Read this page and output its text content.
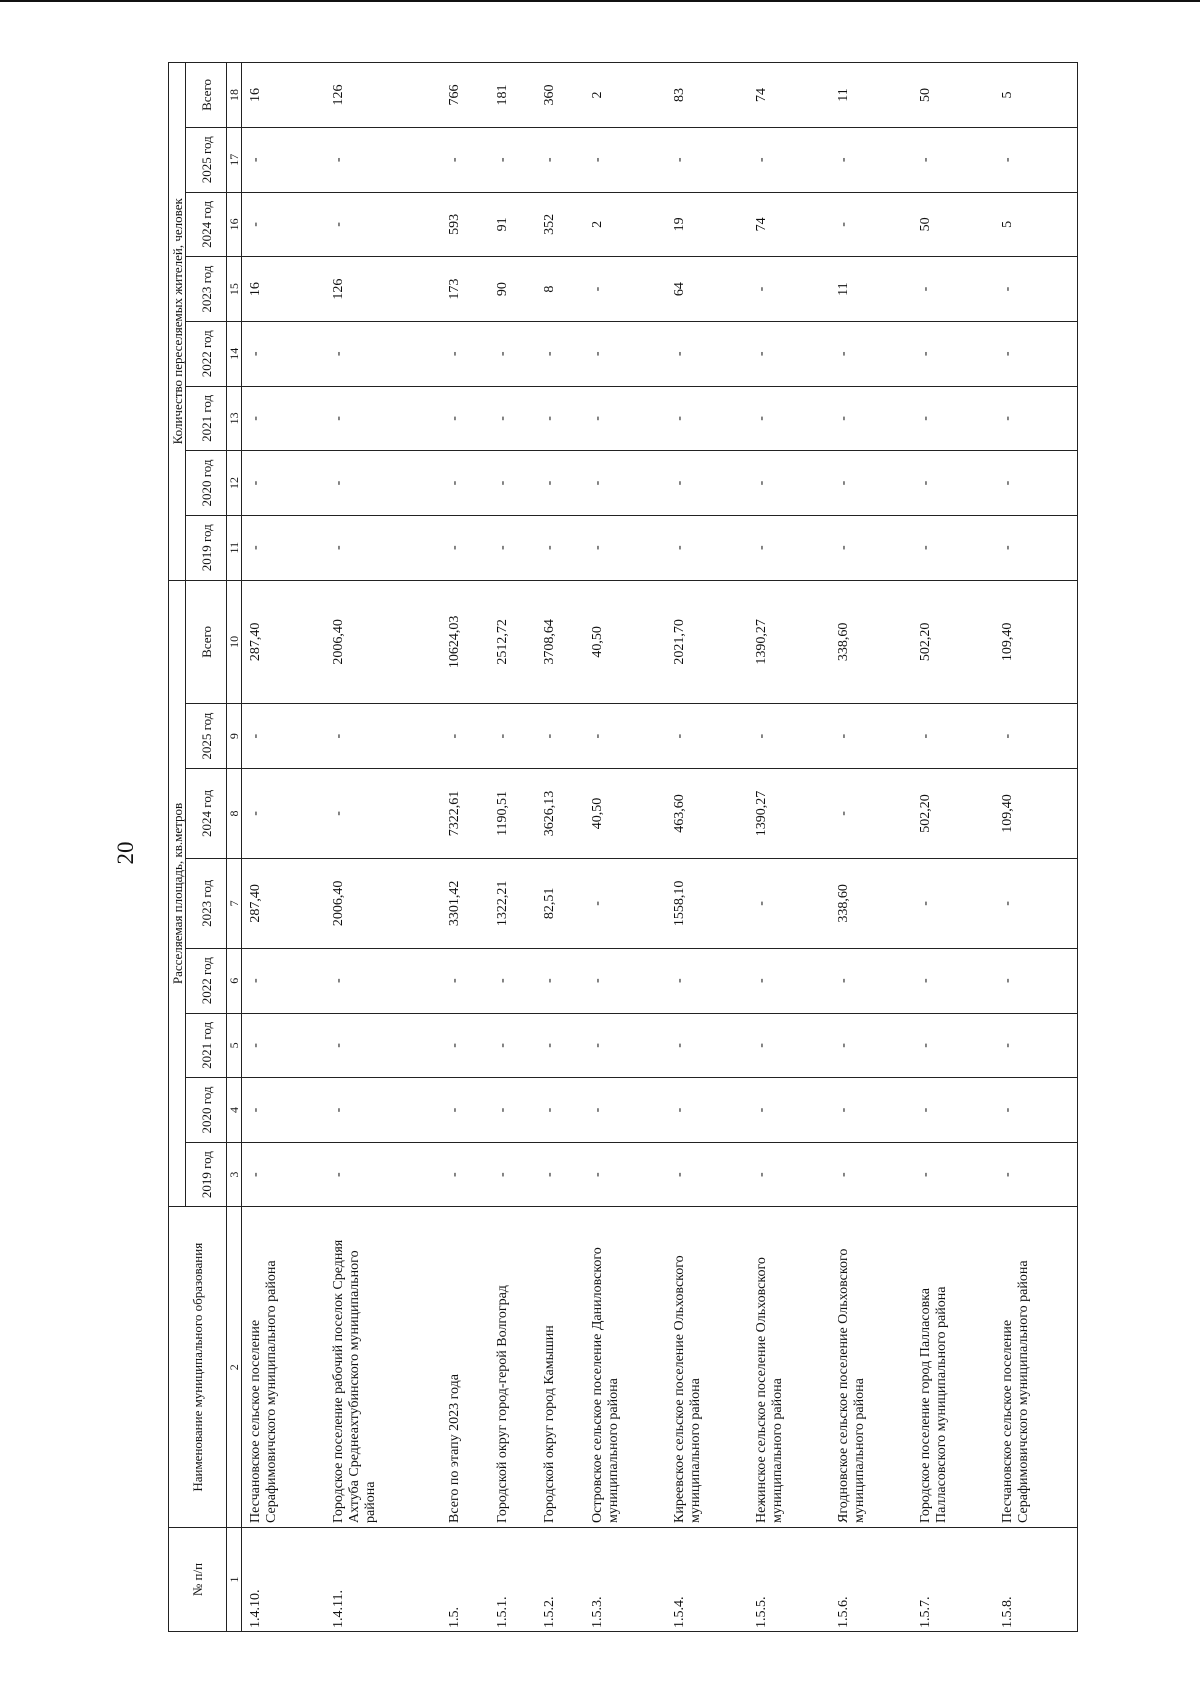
20
№ п/п	Наименование муниципального образования	Расселяемая площадь, кв.метров								Количество переселяемых жителей, человек							
		2019 год	2020 год	2021 год	2022 год	2023 год	2024 год	2025 год	Всего	2019 год	2020 год	2021 год	2022 год	2023 год	2024 год	2025 год	Всего
1	2	3	4	5	6	7	8	9	10	11	12	13	14	15	16	17	18
1.4.10.	Песчановское сельское поселение Серафимовичского муниципального района	-	-	-	-	287,40	-	-	287,40	-	-	-	-	16	-	-	16
1.4.11.	Городское поселение рабочий поселок Средняя Ахтуба Среднеахтубинского муниципального района	-	-	-	-	2006,40	-	-	2006,40	-	-	-	-	126	-	-	126
1.5.	Всего по этапу 2023 года	-	-	-	-	3301,42	7322,61	-	10624,03	-	-	-	-	173	593	-	766
1.5.1.	Городской округ город-герой Волгоград	-	-	-	-	1322,21	1190,51	-	2512,72	-	-	-	-	90	91	-	181
1.5.2.	Городской округ город Камышин	-	-	-	-	82,51	3626,13	-	3708,64	-	-	-	-	8	352	-	360
1.5.3.	Островское сельское поселение Даниловского муниципального района	-	-	-	-	-	40,50	-	40,50	-	-	-	-	-	2	-	2
1.5.4.	Киреевское сельское поселение Ольховского муниципального района	-	-	-	-	1558,10	463,60	-	2021,70	-	-	-	-	64	19	-	83
1.5.5.	Нежинское сельское поселение Ольховского муниципального района	-	-	-	-	-	1390,27	-	1390,27	-	-	-	-	-	74	-	74
1.5.6.	Ягодновское сельское поселение Ольховского муниципального района	-	-	-	-	338,60	-	-	338,60	-	-	-	-	11	-	-	11
1.5.7.	Городское поселение город Палласовка Палласовского муниципального района	-	-	-	-	-	502,20	-	502,20	-	-	-	-	-	50	-	50
1.5.8.	Песчановское сельское поселение Серафимовичского муниципального района	-	-	-	-	-	109,40	-	109,40	-	-	-	-	-	5	-	5
